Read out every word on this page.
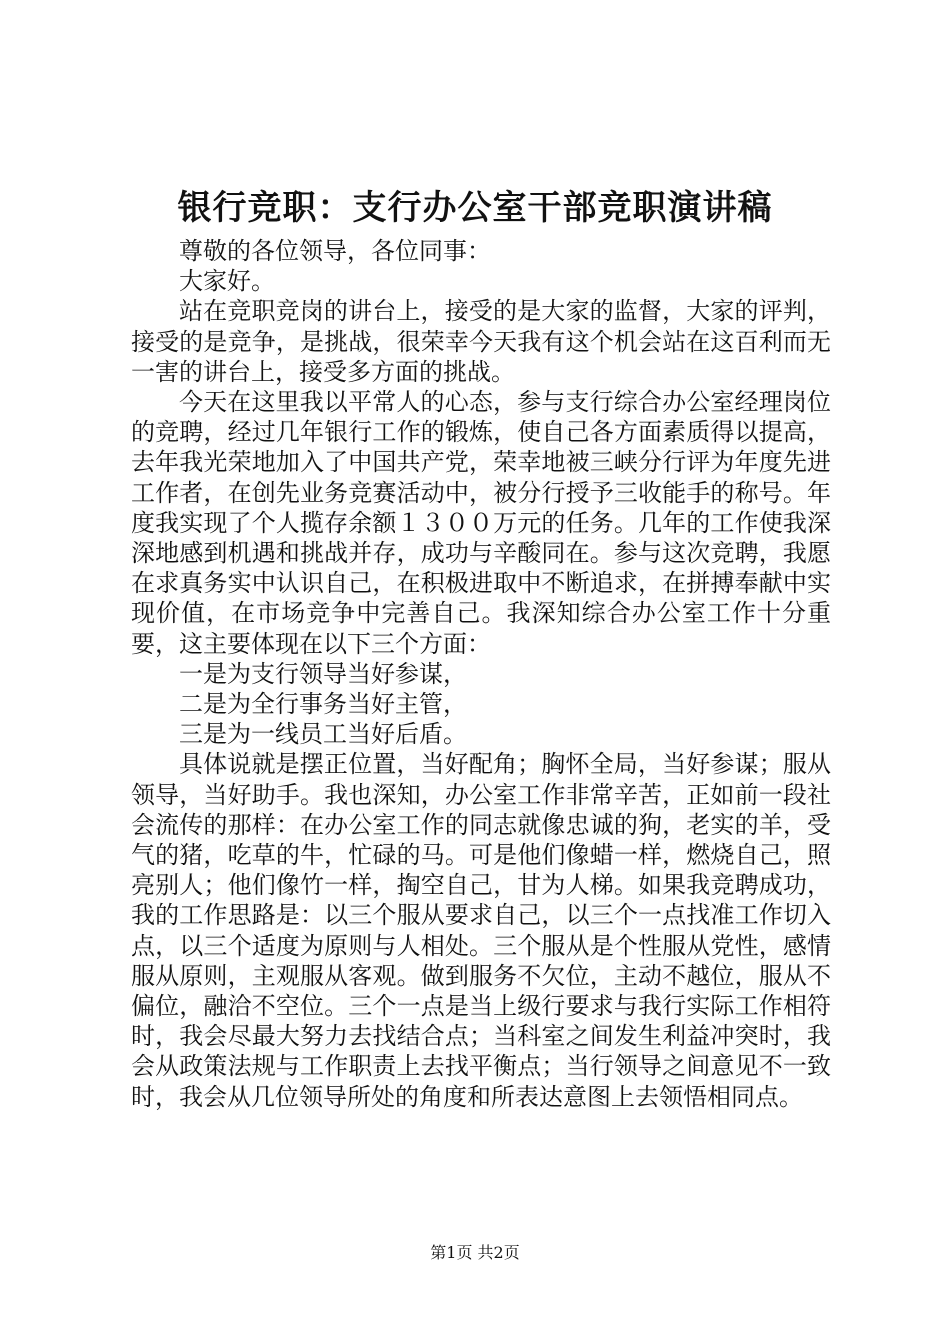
银行竞职：支行办公室干部竞职演讲稿

尊敬的各位领导，各位同事：

大家好。

站在竞职竞岗的讲台上，接受的是大家的监督，大家的评判，接受的是竞争，是挑战，很荣幸今天我有这个机会站在这百利而无一害的讲台上，接受多方面的挑战。

今天在这里我以平常人的心态，参与支行综合办公室经理岗位的竞聘，经过几年银行工作的锻炼，使自己各方面素质得以提高，去年我光荣地加入了中国共产党，荣幸地被三峡分行评为年度先进工作者，在创先业务竞赛活动中，被分行授予三收能手的称号。年度我实现了个人揽存余额１３００万元的任务。几年的工作使我深深地感到机遇和挑战并存，成功与辛酸同在。参与这次竞聘，我愿在求真务实中认识自己，在积极进取中不断追求，在拼搏奉献中实现价值，在市场竞争中完善自己。我深知综合办公室工作十分重要，这主要体现在以下三个方面：

一是为支行领导当好参谋，

二是为全行事务当好主管，

三是为一线员工当好后盾。

具体说就是摆正位置，当好配角；胸怀全局，当好参谋；服从领导，当好助手。我也深知，办公室工作非常辛苦，正如前一段社会流传的那样：在办公室工作的同志就像忠诚的狗，老实的羊，受气的猪，吃草的牛，忙碌的马。可是他们像蜡一样，燃烧自己，照亮别人；他们像竹一样，掏空自己，甘为人梯。如果我竞聘成功，我的工作思路是：以三个服从要求自己，以三个一点找准工作切入点，以三个适度为原则与人相处。三个服从是个性服从党性，感情服从原则，主观服从客观。做到服务不欠位，主动不越位，服从不偏位，融洽不空位。三个一点是当上级行要求与我行实际工作相符时，我会尽最大努力去找结合点；当科室之间发生利益冲突时，我会从政策法规与工作职责上去找平衡点；当行领导之间意见不一致时，我会从几位领导所处的角度和所表达意图上去领悟相同点。

第1页 共2页
